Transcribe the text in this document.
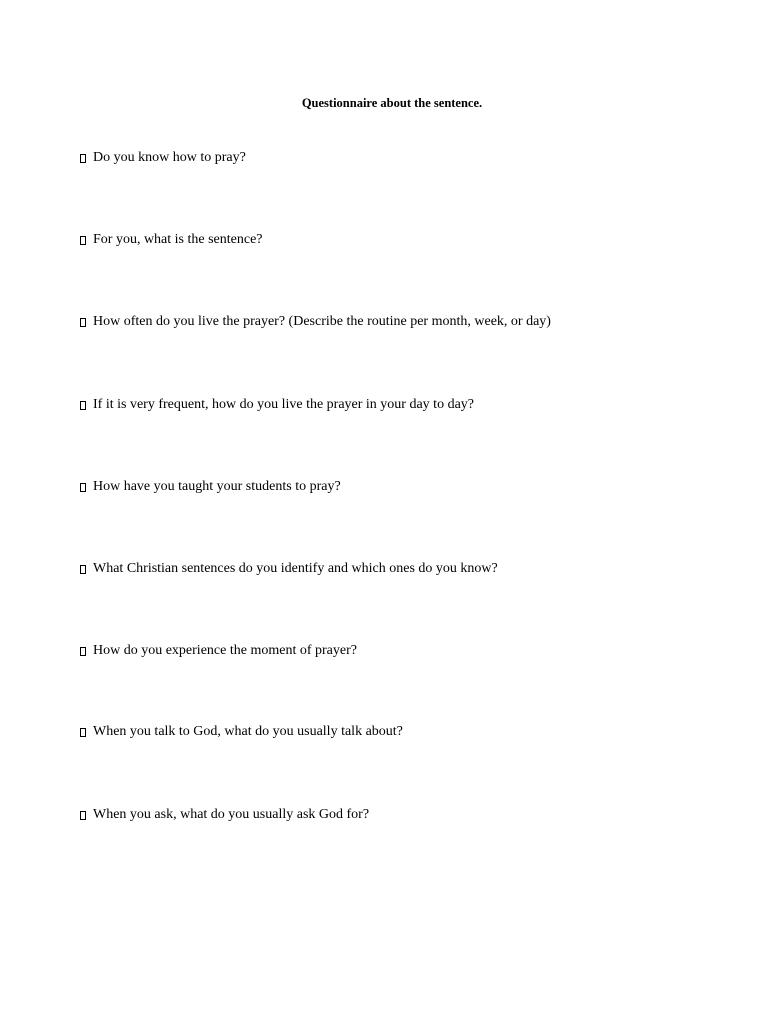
Questionnaire about the sentence.
Do you know how to pray?
For you, what is the sentence?
How often do you live the prayer? (Describe the routine per month, week, or day)
If it is very frequent, how do you live the prayer in your day to day?
How have you taught your students to pray?
What Christian sentences do you identify and which ones do you know?
How do you experience the moment of prayer?
When you talk to God, what do you usually talk about?
When you ask, what do you usually ask God for?
